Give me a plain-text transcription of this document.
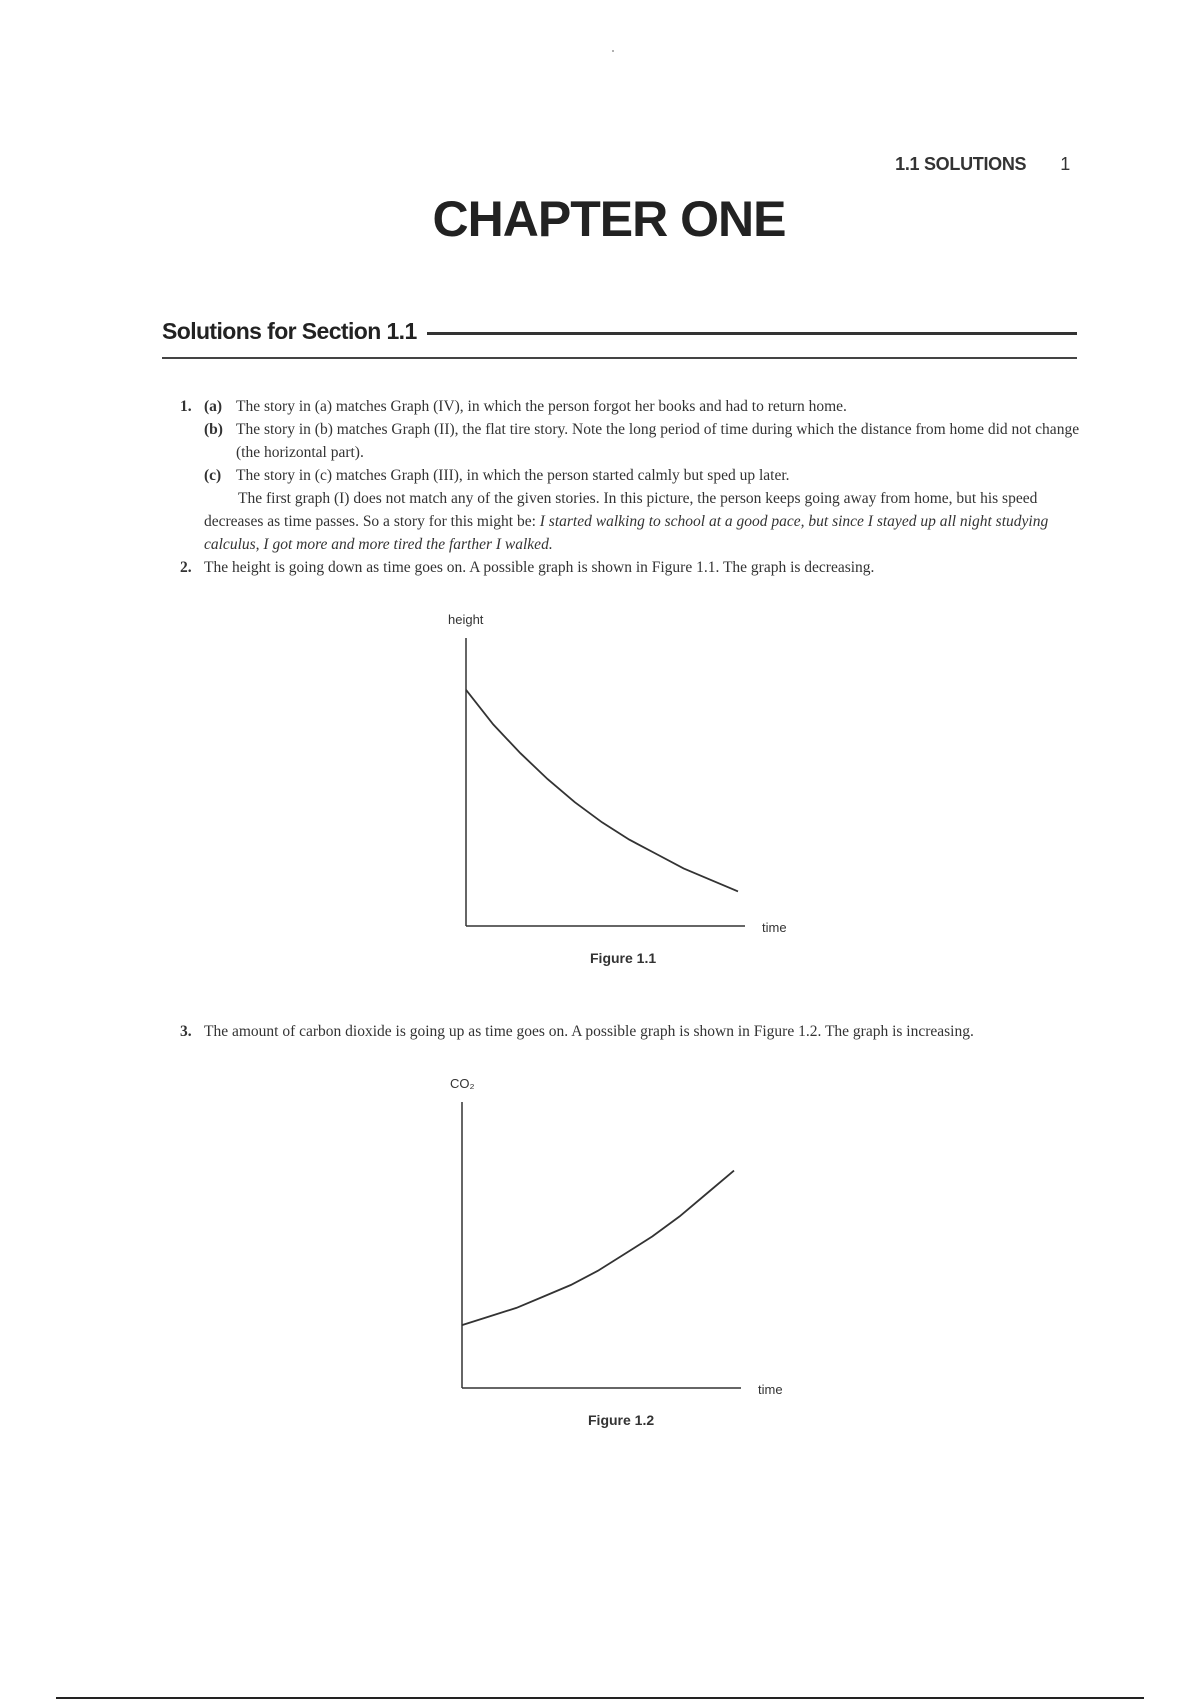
1.1 SOLUTIONS 1
CHAPTER ONE
Solutions for Section 1.1
1. (a) The story in (a) matches Graph (IV), in which the person forgot her books and had to return home.
(b) The story in (b) matches Graph (II), the flat tire story. Note the long period of time during which the distance from home did not change (the horizontal part).
(c) The story in (c) matches Graph (III), in which the person started calmly but sped up later.
The first graph (I) does not match any of the given stories. In this picture, the person keeps going away from home, but his speed decreases as time passes. So a story for this might be: I started walking to school at a good pace, but since I stayed up all night studying calculus, I got more and more tired the farther I walked.
2. The height is going down as time goes on. A possible graph is shown in Figure 1.1. The graph is decreasing.
height
time
Figure 1.1
3. The amount of carbon dioxide is going up as time goes on. A possible graph is shown in Figure 1.2. The graph is increasing.
CO₂
time
Figure 1.2
